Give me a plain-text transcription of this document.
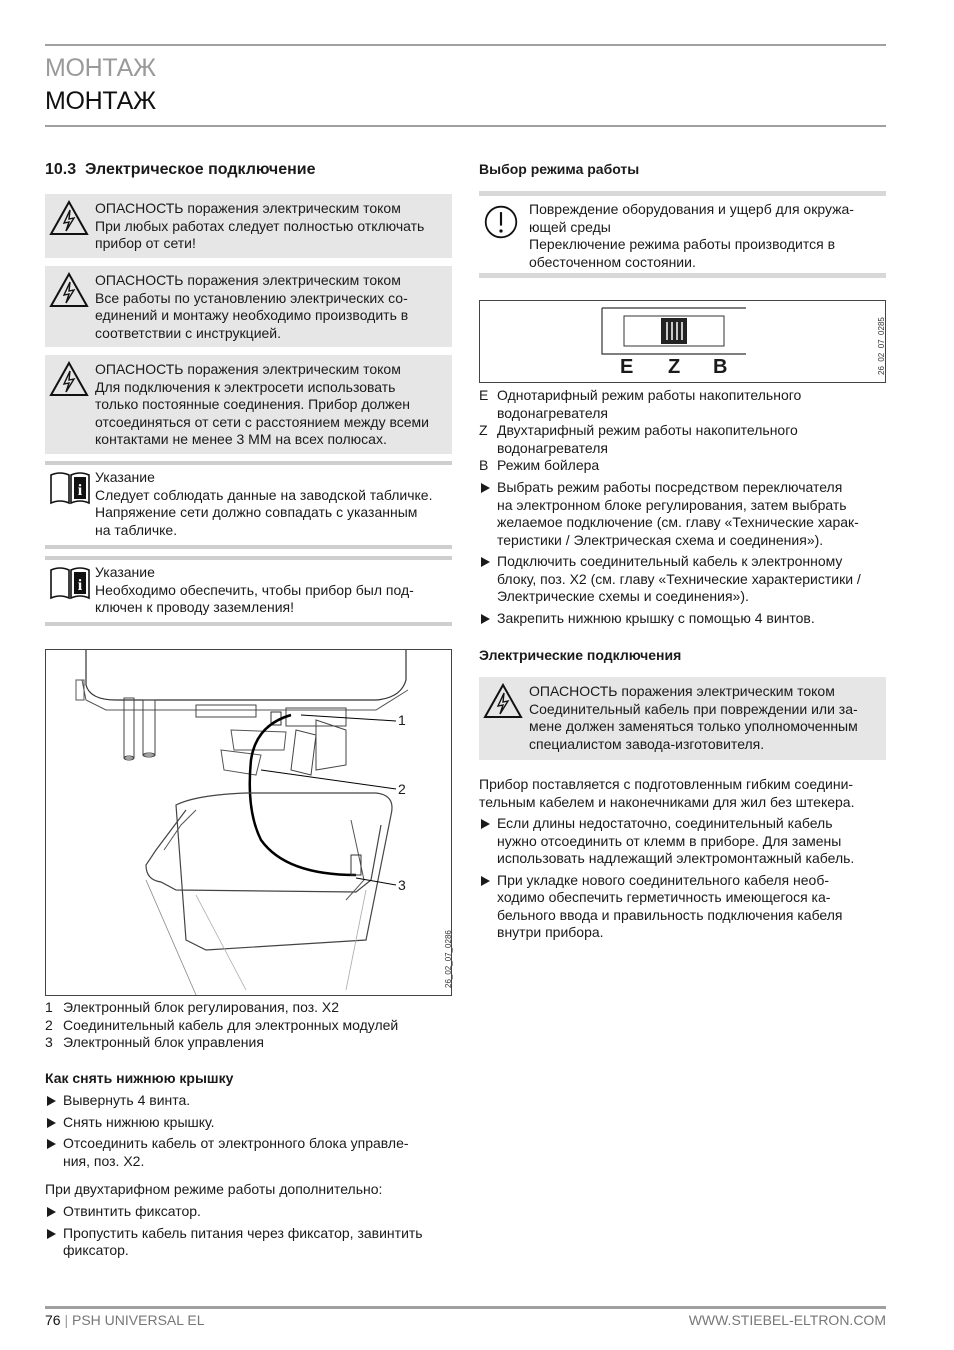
МОНТАЖ
МОНТАЖ
10.3 Электрическое подключение
ОПАСНОСТЬ поражения электрическим током
При любых работах следует полностью отключать
прибор от сети!
ОПАСНОСТЬ поражения электрическим током
Все работы по установлению электрических со-
единений и монтажу необходимо производить в
соответствии с инструкцией.
ОПАСНОСТЬ поражения электрическим током
Для подключения к электросети использовать
только постоянные соединения. Прибор должен
отсоединяться от сети с расстоянием между всеми
контактами не менее 3 ММ на всех полюсах.
i
Указание
Следует соблюдать данные на заводской табличке.
Напряжение сети должно совпадать с указанным
на табличке.
i
Указание
Необходимо обеспечить, чтобы прибор был под-
ключен к проводу заземления!
1
2
3
26_02_07_0286
1 Электронный блок регулирования, поз. X2
2 Соединительный кабель для электронных модулей
3 Электронный блок управления
Как снять нижнюю крышку
Вывернуть 4 винта.
Снять нижнюю крышку.
Отсоединить кабель от электронного блока управле-
ния, поз. X2.
При двухтарифном режиме работы дополнительно:
Отвинтить фиксатор.
Пропустить кабель питания через фиксатор, завинтить
фиксатор.
Выбор режима работы
Повреждение оборудования и ущерб для окружа-
ющей среды
Переключение режима работы производится в
обесточенном состоянии.
E Z B	26_02_07_0285
E Однотарифный режим работы накопительного
водонагревателя
Z Двухтарифный режим работы накопительного
водонагревателя
B Режим бойлера
Выбрать режим работы посредством переключателя
на электронном блоке регулирования, затем выбрать
желаемое подключение (см. главу «Технические харак-
теристики / Электрическая схема и соединения»).
Подключить соединительный кабель к электронному
блоку, поз. X2 (см. главу «Технические характеристики /
Электрические схемы и соединения»).
Закрепить нижнюю крышку с помощью 4 винтов.
Электрические подключения
ОПАСНОСТЬ поражения электрическим током
Соединительный кабель при повреждении или за-
мене должен заменяться только уполномоченным
специалистом завода-изготовителя.
Прибор поставляется с подготовленным гибким соедини-
тельным кабелем и наконечниками для жил без штекера.
Если длины недостаточно, соединительный кабель
нужно отсоединить от клемм в приборе. Для замены
использовать надлежащий электромонтажный кабель.
При укладке нового соединительного кабеля необ-
ходимо обеспечить герметичность имеющегося ка-
бельного ввода и правильность подключения кабеля
внутри прибора.
76 | PSH UNIVERSAL EL	WWW.STIEBEL-ELTRON.COM
